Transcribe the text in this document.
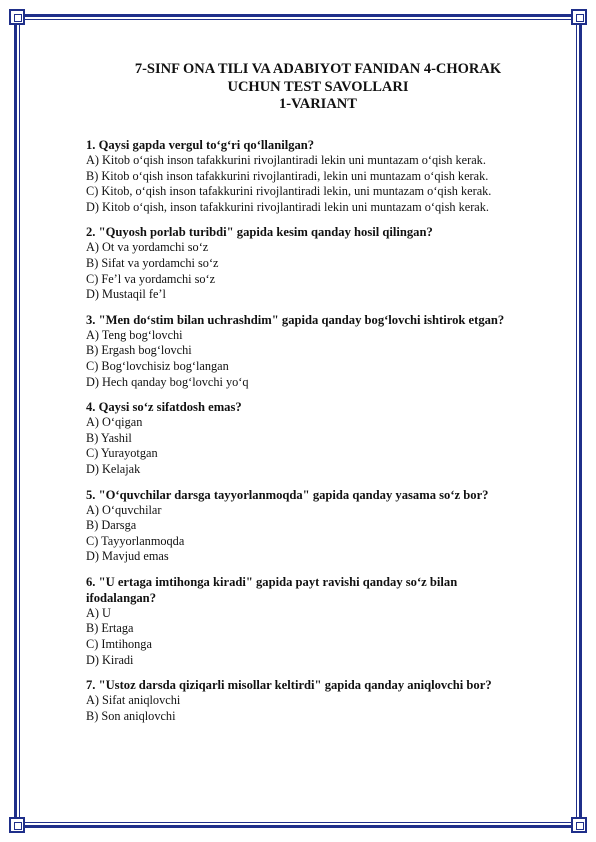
7-SINF ONA TILI VA ADABIYOT FANIDAN 4-CHORAK
UCHUN TEST SAVOLLARI
1-VARIANT
1. Qaysi gapda vergul to‘g‘ri qo‘llanilgan?
A) Kitob o‘qish inson tafakkurini rivojlantiradi lekin uni muntazam o‘qish kerak.
B) Kitob o‘qish inson tafakkurini rivojlantiradi, lekin uni muntazam o‘qish kerak.
C) Kitob, o‘qish inson tafakkurini rivojlantiradi lekin, uni muntazam o‘qish kerak.
D) Kitob o‘qish, inson tafakkurini rivojlantiradi lekin uni muntazam o‘qish kerak.
2. "Quyosh porlab turibdi" gapida kesim qanday hosil qilingan?
A) Ot va yordamchi so‘z
B) Sifat va yordamchi so‘z
C) Fe’l va yordamchi so‘z
D) Mustaqil fe’l
3. "Men do‘stim bilan uchrashdim" gapida qanday bog‘lovchi ishtirok etgan?
A) Teng bog‘lovchi
B) Ergash bog‘lovchi
C) Bog‘lovchisiz bog‘langan
D) Hech qanday bog‘lovchi yo‘q
4. Qaysi so‘z sifatdosh emas?
A) O‘qigan
B) Yashil
C) Yurayotgan
D) Kelajak
5. "O‘quvchilar darsga tayyorlanmoqda" gapida qanday yasama so‘z bor?
A) O‘quvchilar
B) Darsga
C) Tayyorlanmoqda
D) Mavjud emas
6. "U ertaga imtihonga kiradi" gapida payt ravishi qanday so‘z bilan
ifodalangan?
A) U
B) Ertaga
C) Imtihonga
D) Kiradi
7. "Ustoz darsda qiziqarli misollar keltirdi" gapida qanday aniqlovchi bor?
A) Sifat aniqlovchi
B) Son aniqlovchi
